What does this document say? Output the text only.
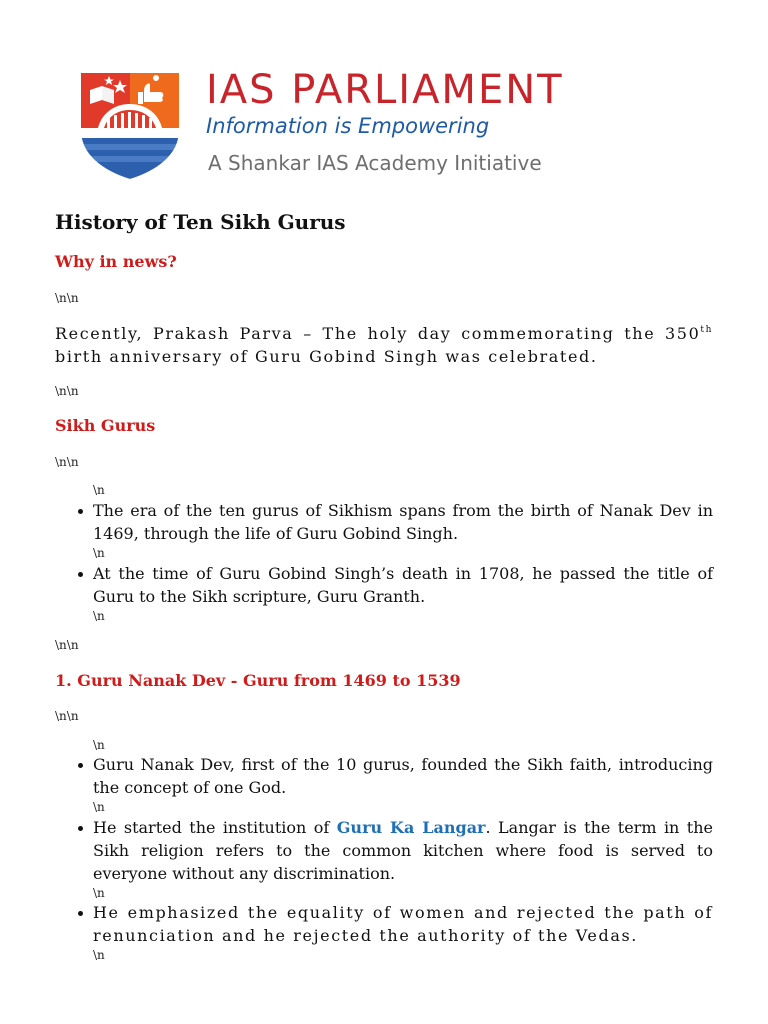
IAS PARLIAMENT
Information is Empowering
A Shankar IAS Academy Initiative
History of Ten Sikh Gurus
Why in news?
\n\n

Recently, Prakash Parva – The holy day commemorating the 350th birth anniversary of Guru Gobind Singh was celebrated.

\n\n
Sikh Gurus
\n\n
\n
The era of the ten gurus of Sikhism spans from the birth of Nanak Dev in 1469, through the life of Guru Gobind Singh.
\n
At the time of Guru Gobind Singh’s death in 1708, he passed the title of Guru to the Sikh scripture, Guru Granth.
\n
\n\n
1. Guru Nanak Dev - Guru from 1469 to 1539
\n\n
\n
Guru Nanak Dev, first of the 10 gurus, founded the Sikh faith, introducing the concept of one God.
\n
He started the institution of Guru Ka Langar. Langar is the term in the Sikh religion refers to the common kitchen where food is served to everyone without any discrimination.
\n
He emphasized the equality of women and rejected the path of renunciation and he rejected the authority of the Vedas.
\n
